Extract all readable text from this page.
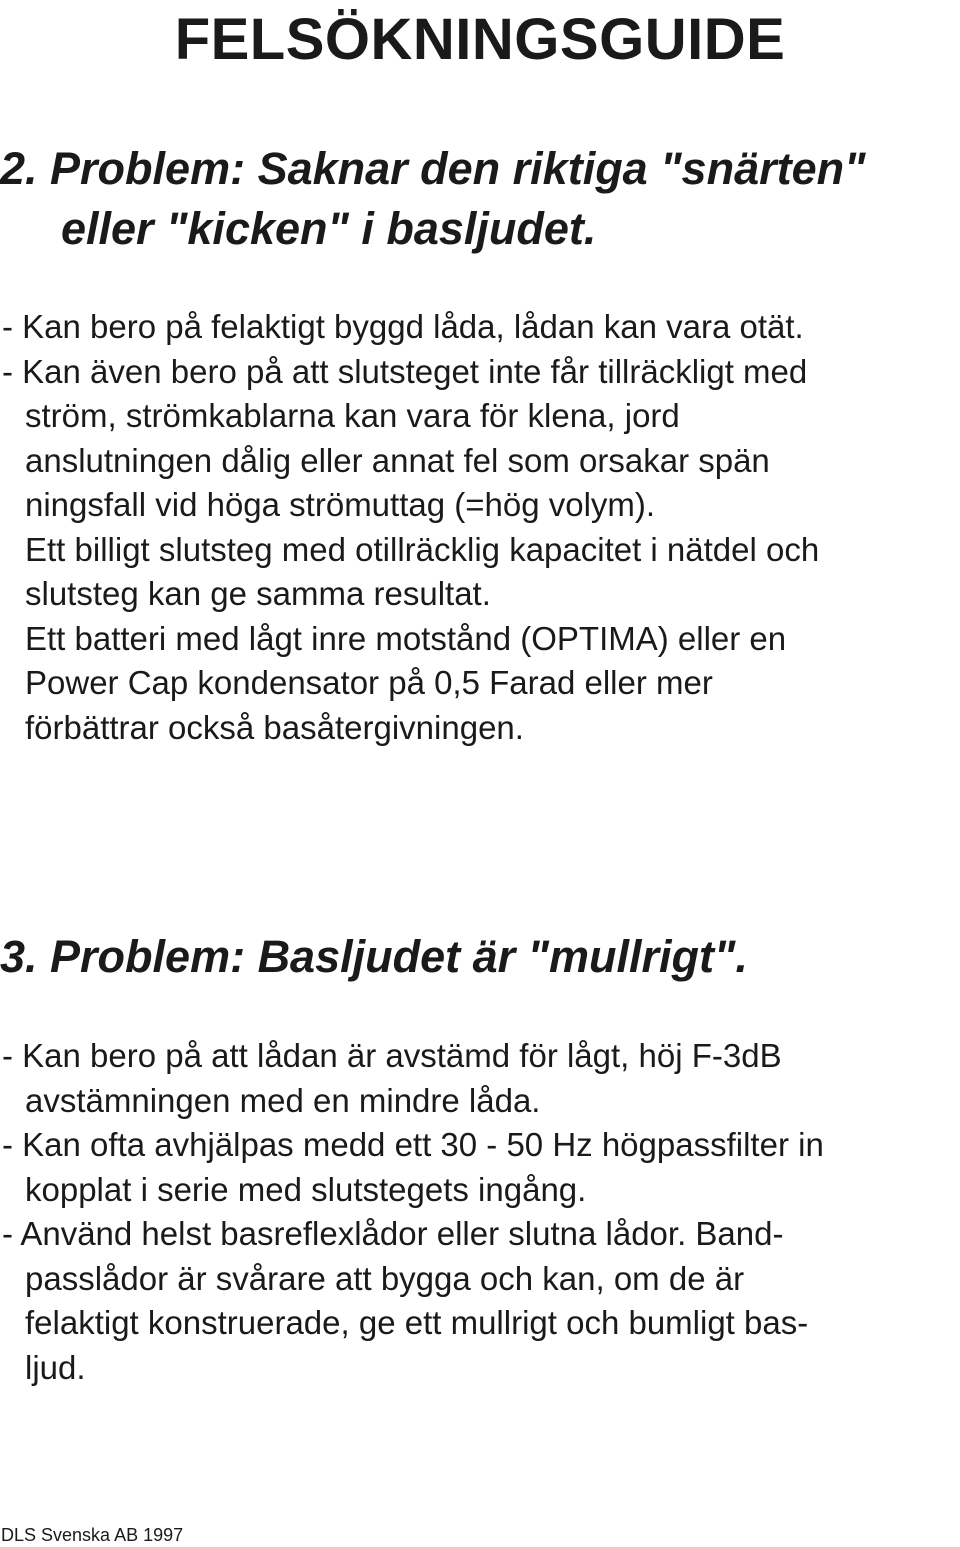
FELSÖKNINGSGUIDE
2. Problem: Saknar den riktiga "snärten"
eller "kicken" i basljudet.
- Kan bero på felaktigt byggd låda, lådan kan vara otät.
- Kan även bero på att slutsteget inte får tillräckligt med
ström, strömkablarna kan vara för klena, jord
anslutningen dålig eller annat fel som orsakar spän
ningsfall vid höga strömuttag (=hög volym).
Ett billigt slutsteg med otillräcklig kapacitet i nätdel och
slutsteg kan ge samma resultat.
Ett batteri med lågt inre motstånd (OPTIMA) eller en
Power Cap kondensator på 0,5 Farad eller mer
förbättrar också basåtergivningen.
3. Problem: Basljudet är "mullrigt".
- Kan bero på att lådan är avstämd för lågt, höj F-3dB
avstämningen med en mindre låda.
- Kan ofta avhjälpas medd ett 30 - 50 Hz högpassfilter in
kopplat i serie med slutstegets ingång.
- Använd helst basreflexlådor eller slutna lådor. Band-
passlådor är svårare att bygga och kan, om de är
felaktigt konstruerade, ge ett mullrigt och bumligt bas-
ljud.
DLS Svenska AB 1997
